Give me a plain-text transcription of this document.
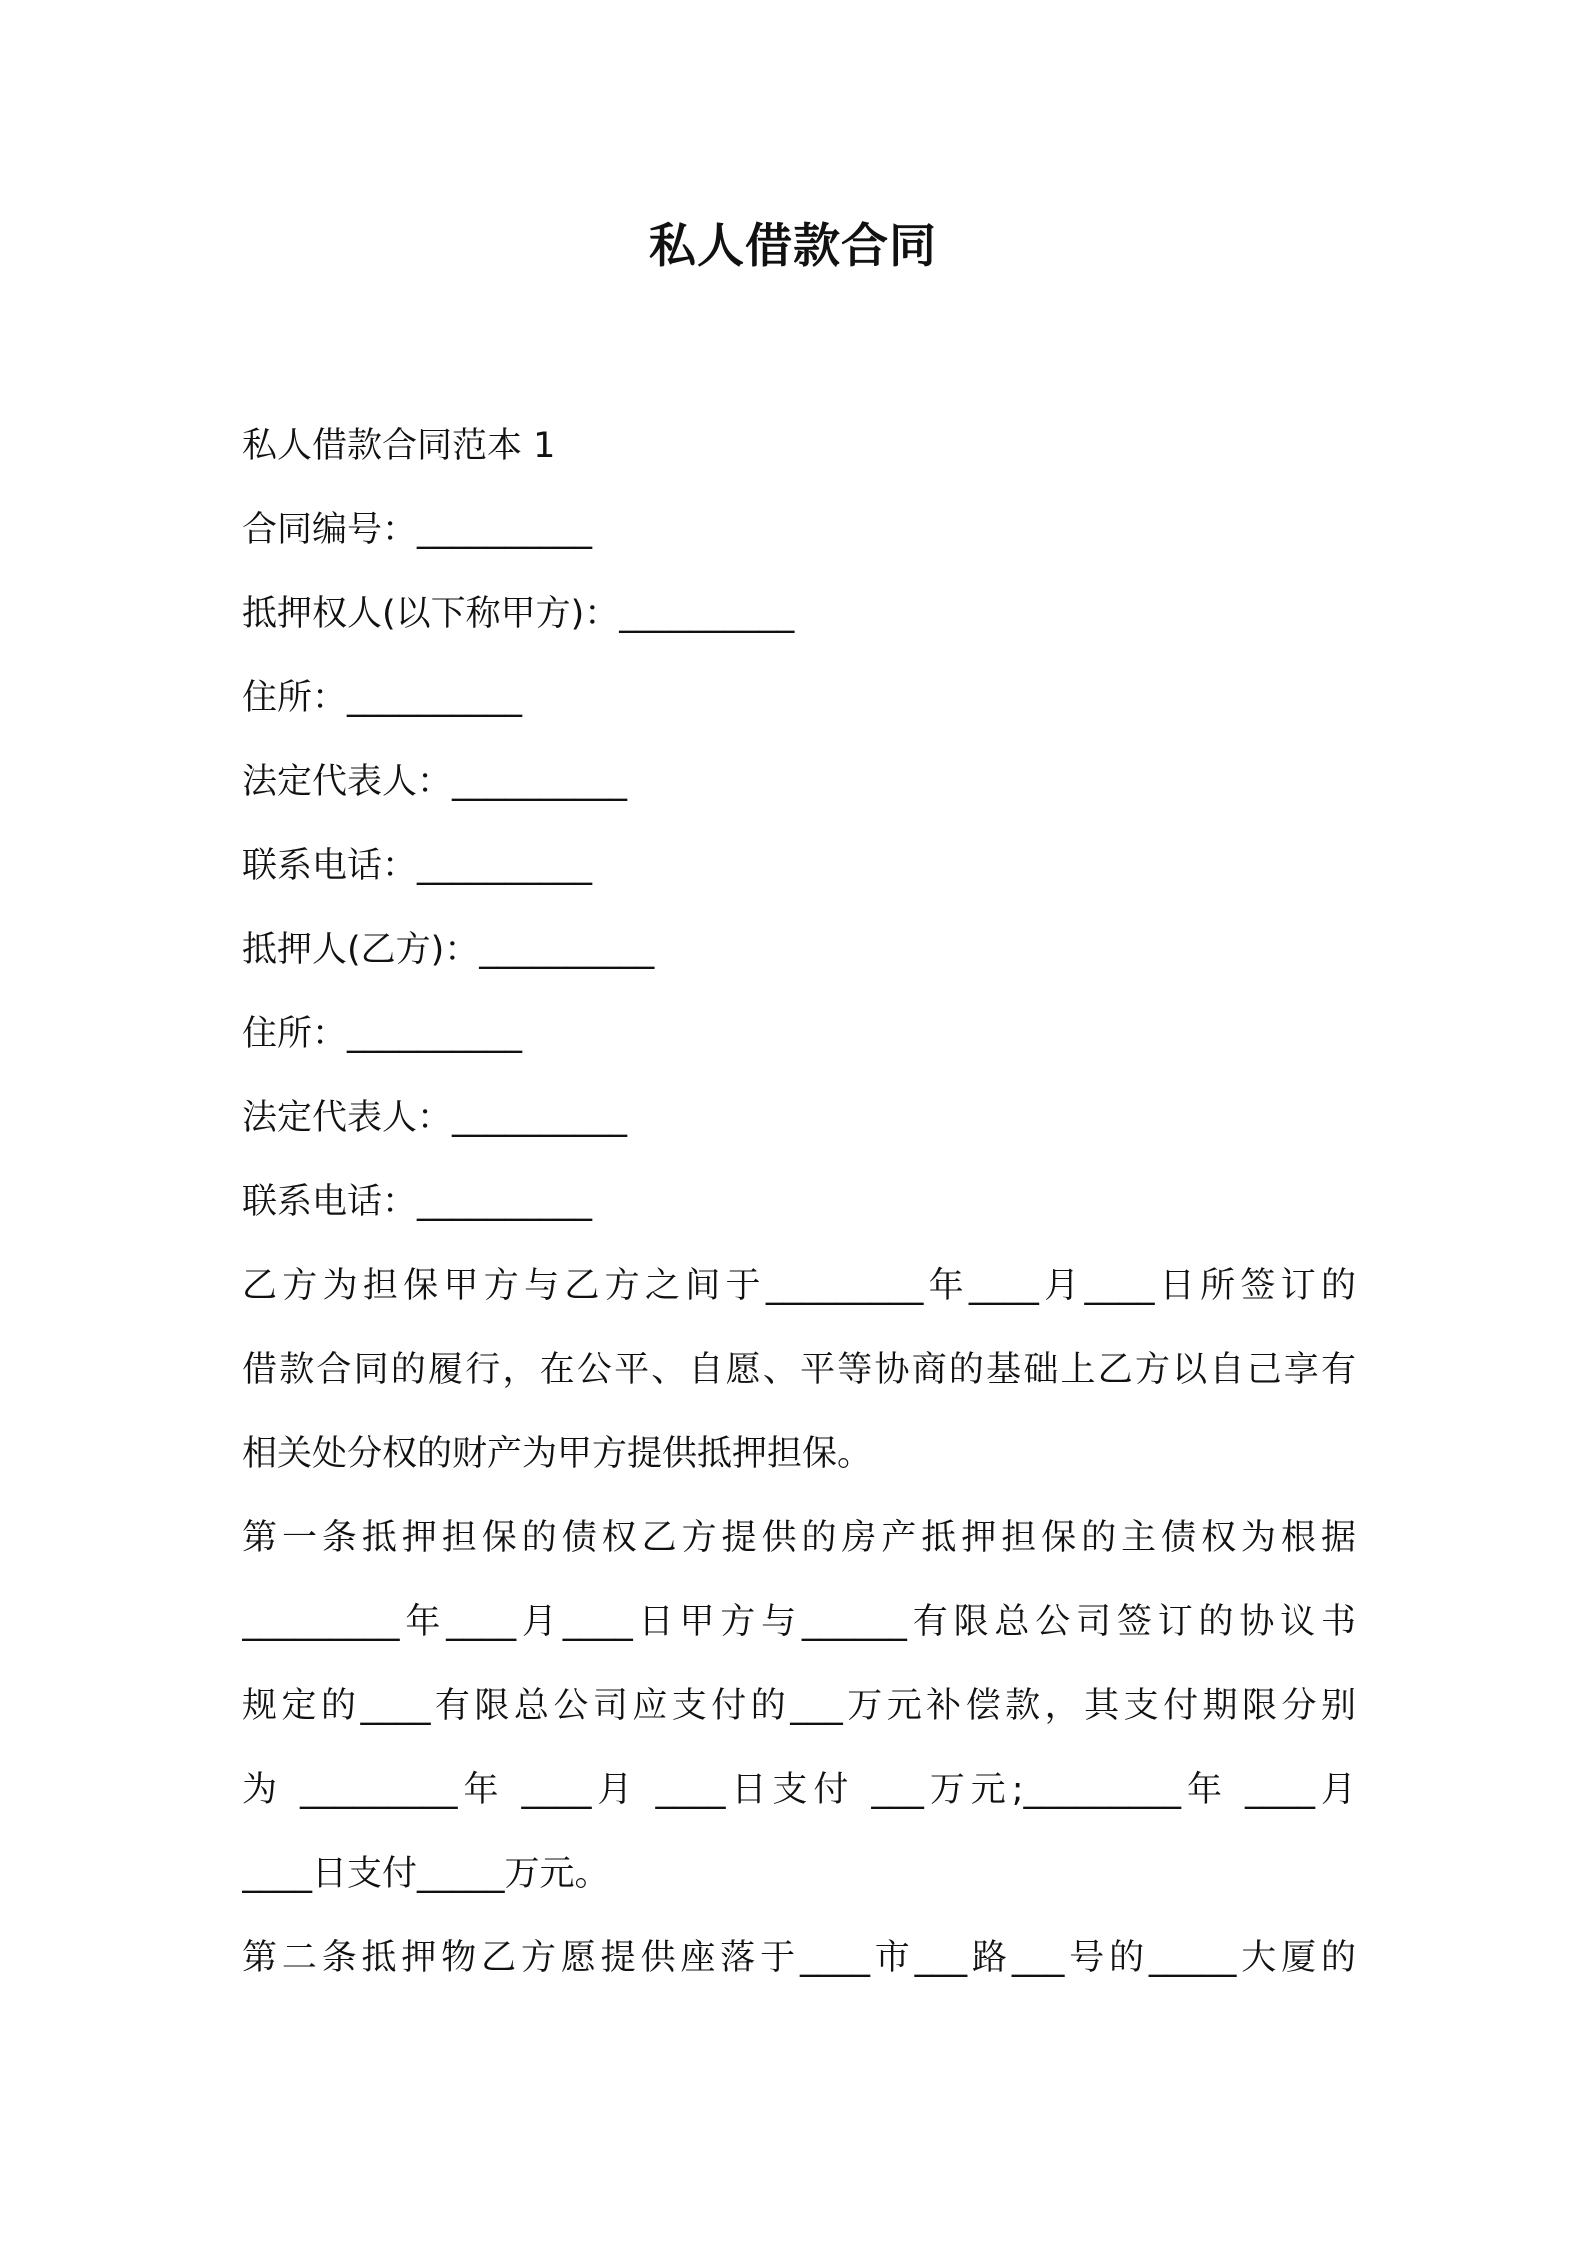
私人借款合同
私人借款合同范本 1
合同编号：__________
抵押权人(以下称甲方)：__________
住所：__________
法定代表人：__________
联系电话：__________
抵押人(乙方)：__________
住所：__________
法定代表人：__________
联系电话：__________
乙方为担保甲方与乙方之间于_________年____月____日所签订的
借款合同的履行，在公平、自愿、平等协商的基础上乙方以自己享有
相关处分权的财产为甲方提供抵押担保。
第一条抵押担保的债权乙方提供的房产抵押担保的主债权为根据
_________年____月____日甲方与______有限总公司签订的协议书
规定的____有限总公司应支付的___万元补偿款，其支付期限分别
为 _________年 ____月 ____日支付 ___万元;_________年 ____月
____日支付_____万元。
第二条抵押物乙方愿提供座落于____市___路___号的_____大厦的
